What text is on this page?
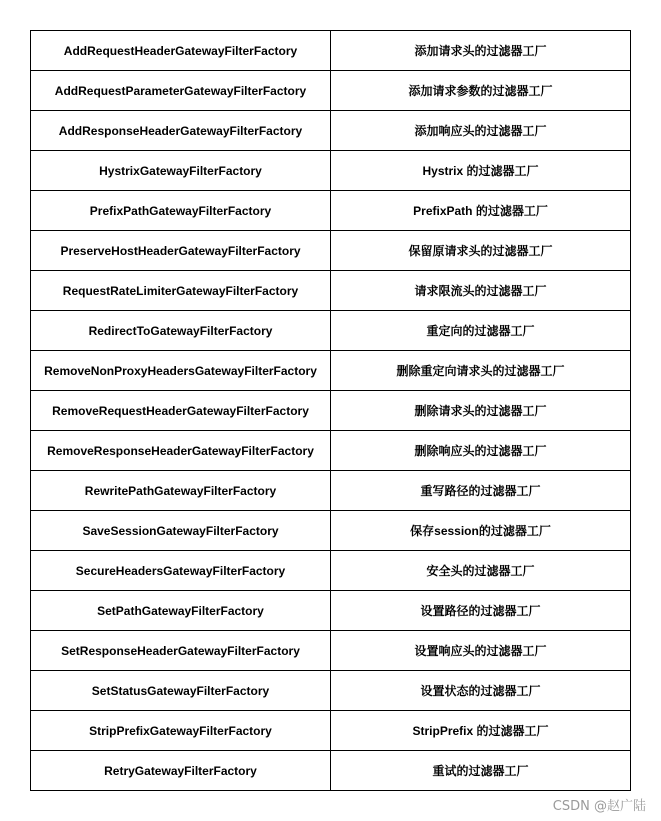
AddRequestHeaderGatewayFilterFactory	添加请求头的过滤器工厂
AddRequestParameterGatewayFilterFactory	添加请求参数的过滤器工厂
AddResponseHeaderGatewayFilterFactory	添加响应头的过滤器工厂
HystrixGatewayFilterFactory	Hystrix 的过滤器工厂
PrefixPathGatewayFilterFactory	PrefixPath 的过滤器工厂
PreserveHostHeaderGatewayFilterFactory	保留原请求头的过滤器工厂
RequestRateLimiterGatewayFilterFactory	请求限流头的过滤器工厂
RedirectToGatewayFilterFactory	重定向的过滤器工厂
RemoveNonProxyHeadersGatewayFilterFactory	删除重定向请求头的过滤器工厂
RemoveRequestHeaderGatewayFilterFactory	删除请求头的过滤器工厂
RemoveResponseHeaderGatewayFilterFactory	删除响应头的过滤器工厂
RewritePathGatewayFilterFactory	重写路径的过滤器工厂
SaveSessionGatewayFilterFactory	保存session的过滤器工厂
SecureHeadersGatewayFilterFactory	安全头的过滤器工厂
SetPathGatewayFilterFactory	设置路径的过滤器工厂
SetResponseHeaderGatewayFilterFactory	设置响应头的过滤器工厂
SetStatusGatewayFilterFactory	设置状态的过滤器工厂
StripPrefixGatewayFilterFactory	StripPrefix 的过滤器工厂
RetryGatewayFilterFactory	重试的过滤器工厂
CSDN @赵广陆
